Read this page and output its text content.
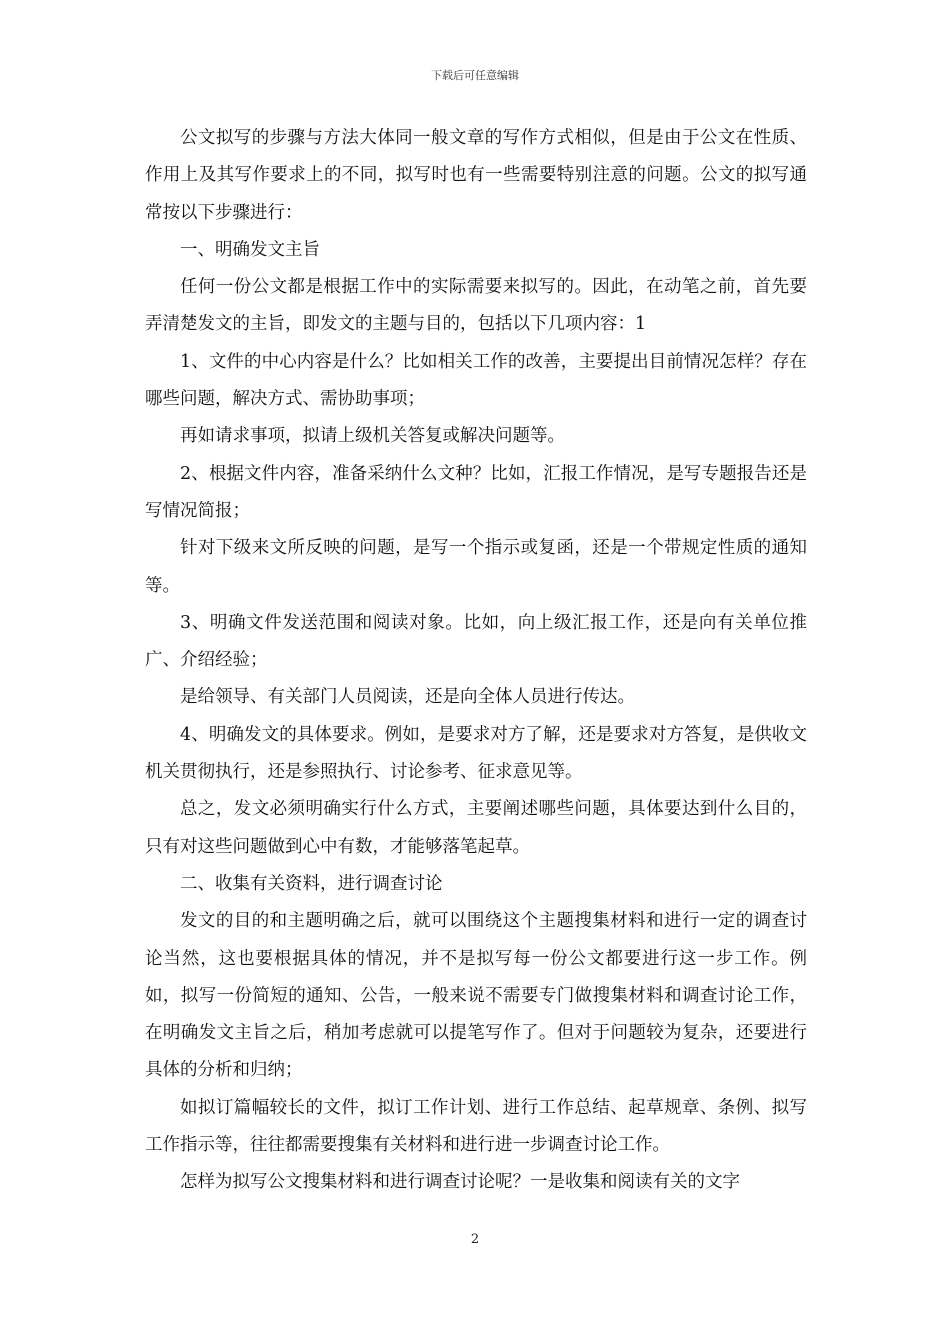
下载后可任意编辑

公文拟写的步骤与方法大体同一般文章的写作方式相似，但是由于公文在性质、作用上及其写作要求上的不同，拟写时也有一些需要特别注意的问题。公文的拟写通常按以下步骤进行：

一、明确发文主旨

任何一份公文都是根据工作中的实际需要来拟写的。因此，在动笔之前，首先要弄清楚发文的主旨，即发文的主题与目的，包括以下几项内容：1

1、文件的中心内容是什么？比如相关工作的改善，主要提出目前情况怎样？存在哪些问题，解决方式、需协助事项；

再如请求事项，拟请上级机关答复或解决问题等。

2、根据文件内容，准备采纳什么文种？比如，汇报工作情况，是写专题报告还是写情况简报；

针对下级来文所反映的问题，是写一个指示或复函，还是一个带规定性质的通知等。

3、明确文件发送范围和阅读对象。比如，向上级汇报工作，还是向有关单位推广、介绍经验；

是给领导、有关部门人员阅读，还是向全体人员进行传达。

4、明确发文的具体要求。例如，是要求对方了解，还是要求对方答复，是供收文机关贯彻执行，还是参照执行、讨论参考、征求意见等。

总之，发文必须明确实行什么方式，主要阐述哪些问题，具体要达到什么目的，只有对这些问题做到心中有数，才能够落笔起草。

二、收集有关资料，进行调查讨论

发文的目的和主题明确之后，就可以围绕这个主题搜集材料和进行一定的调查讨论当然，这也要根据具体的情况，并不是拟写每一份公文都要进行这一步工作。例如，拟写一份简短的通知、公告，一般来说不需要专门做搜集材料和调查讨论工作，在明确发文主旨之后，稍加考虑就可以提笔写作了。但对于问题较为复杂，还要进行具体的分析和归纳；

如拟订篇幅较长的文件，拟订工作计划、进行工作总结、起草规章、条例、拟写工作指示等，往往都需要搜集有关材料和进行进一步调查讨论工作。

怎样为拟写公文搜集材料和进行调查讨论呢？一是收集和阅读有关的文字

2
